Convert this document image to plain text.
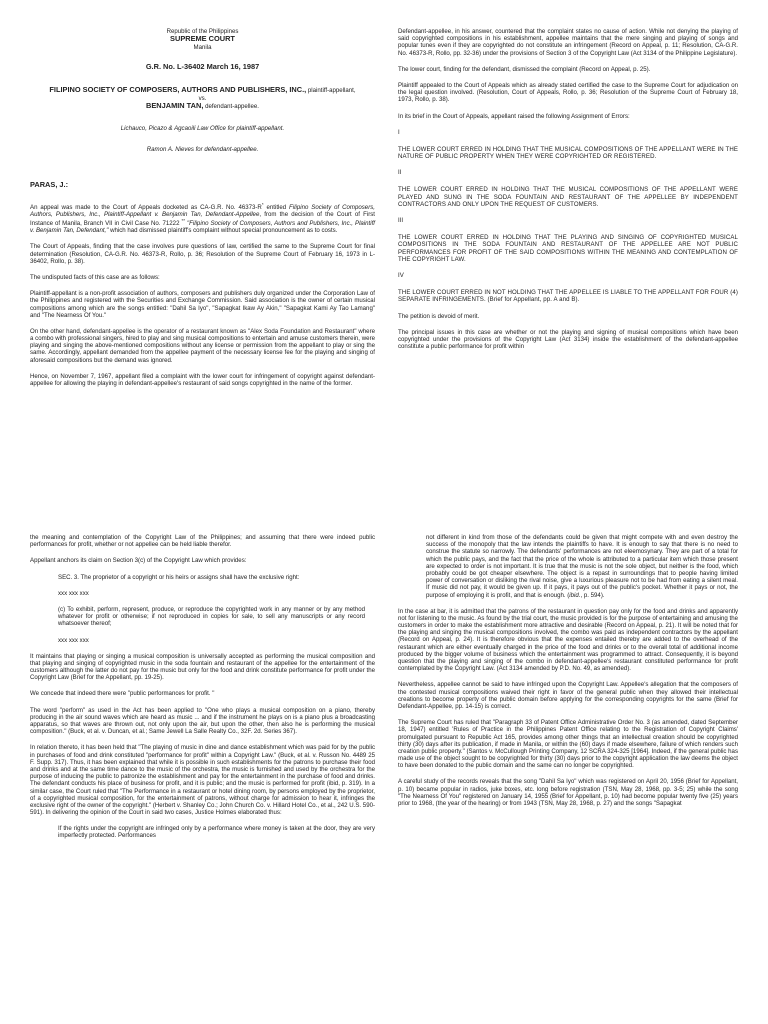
Republic of the Philippines
SUPREME COURT
Manila
G.R. No. L-36402 March 16, 1987
FILIPINO SOCIETY OF COMPOSERS, AUTHORS AND PUBLISHERS, INC., plaintiff-appellant,
vs.
BENJAMIN TAN, defendant-appellee.
Lichauco, Picazo & Agcaoili Law Office for plaintiff-appellant.
Ramon A. Nieves for defendant-appellee.
PARAS, J.:

An appeal was made to the Court of Appeals docketed as CA-G.R. No. 46373-R* entitled Filipino Society of Composers, Authors, Publishers, Inc., Plaintiff-Appellant v. Benjamin Tan, Defendant-Appellee, from the decision of the Court of First Instance of Manila, Branch VII in Civil Case No. 71222 ** "Filipino Society of Composers, Authors and Publishers, Inc., Plaintiff v. Benjamin Tan, Defendant," which had dismissed plaintiff's complaint without special pronouncement as to costs.

The Court of Appeals, finding that the case involves pure questions of law, certified the same to the Supreme Court for final determination (Resolution, CA-G.R. No. 46373-R, Rollo, p. 36; Resolution of the Supreme Court of February 16, 1973 in L-36402, Rollo, p. 38).

The undisputed facts of this case are as follows:

Plaintiff-appellant is a non-profit association of authors, composers and publishers duly organized under the Corporation Law of the Philippines and registered with the Securities and Exchange Commission. Said association is the owner of certain musical compositions among which are the songs entitled: "Dahil Sa Iyo", "Sapagkat Ikaw Ay Akin," "Sapagkat Kami Ay Tao Lamang" and "The Nearness Of You."

On the other hand, defendant-appellee is the operator of a restaurant known as "Alex Soda Foundation and Restaurant" where a combo with professional singers, hired to play and sing musical compositions to entertain and amuse customers therein, were playing and singing the above-mentioned compositions without any license or permission from the appellant to play or sing the same. Accordingly, appellant demanded from the appellee payment of the necessary license fee for the playing and singing of aforesaid compositions but the demand was ignored.

Hence, on November 7, 1967, appellant filed a complaint with the lower court for infringement of copyright against defendant-appellee for allowing the playing in defendant-appellee's restaurant of said songs copyrighted in the name of the former.

Defendant-appellee, in his answer, countered that the complaint states no cause of action. While not denying the playing of said copyrighted compositions in his establishment, appellee maintains that the mere singing and playing of songs and popular tunes even if they are copyrighted do not constitute an infringement (Record on Appeal, p. 11; Resolution, CA-G.R. No. 46373-R, Rollo, pp. 32-36) under the provisions of Section 3 of the Copyright Law (Act 3134 of the Philippine Legislature).

The lower court, finding for the defendant, dismissed the complaint (Record on Appeal, p. 25).

Plaintiff appealed to the Court of Appeals which as already stated certified the case to the Supreme Court for adjudication on the legal question involved. (Resolution, Court of Appeals, Rollo, p. 36; Resolution of the Supreme Court of February 18, 1973, Rollo, p. 38).

In its brief in the Court of Appeals, appellant raised the following Assignment of Errors:

I

THE LOWER COURT ERRED IN HOLDING THAT THE MUSICAL COMPOSITIONS OF THE APPELLANT WERE IN THE NATURE OF PUBLIC PROPERTY WHEN THEY WERE COPYRIGHTED OR REGISTERED.

II

THE LOWER COURT ERRED IN HOLDING THAT THE MUSICAL COMPOSITIONS OF THE APPELLANT WERE PLAYED AND SUNG IN THE SODA FOUNTAIN AND RESTAURANT OF THE APPELLEE BY INDEPENDENT CONTRACTORS AND ONLY UPON THE REQUEST OF CUSTOMERS.

III

THE LOWER COURT ERRED IN HOLDING THAT THE PLAYING AND SINGING OF COPYRIGHTED MUSICAL COMPOSITIONS IN THE SODA FOUNTAIN AND RESTAURANT OF THE APPELLEE ARE NOT PUBLIC PERFORMANCES FOR PROFIT OF THE SAID COMPOSITIONS WITHIN THE MEANING AND CONTEMPLATION OF THE COPYRIGHT LAW.

IV

THE LOWER COURT ERRED IN NOT HOLDING THAT THE APPELLEE IS LIABLE TO THE APPELLANT FOR FOUR (4) SEPARATE INFRINGEMENTS. (Brief for Appellant, pp. A and B).

The petition is devoid of merit.

The principal issues in this case are whether or not the playing and signing of musical compositions which have been copyrighted under the provisions of the Copyright Law (Act 3134) inside the establishment of the defendant-appellee constitute a public performance for profit within

the meaning and contemplation of the Copyright Law of the Philippines; and assuming that there were indeed public performances for profit, whether or not appellee can be held liable therefor.

Appellant anchors its claim on Section 3(c) of the Copyright Law which provides:

SEC. 3. The proprietor of a copyright or his heirs or assigns shall have the exclusive right:

xxx xxx xxx

(c) To exhibit, perform, represent, produce, or reproduce the copyrighted work in any manner or by any method whatever for profit or otherwise; if not reproduced in copies for sale, to sell any manuscripts or any record whatsoever thereof;

xxx xxx xxx

It maintains that playing or singing a musical composition is universally accepted as performing the musical composition and that playing and singing of copyrighted music in the soda fountain and restaurant of the appellee for the entertainment of the customers although the latter do not pay for the music but only for the food and drink constitute performance for profit under the Copyright Law (Brief for the Appellant, pp. 19-25).

We concede that indeed there were "public performances for profit. "

The word "perform" as used in the Act has been applied to "One who plays a musical composition on a piano, thereby producing in the air sound waves which are heard as music ... and if the instrument he plays on is a piano plus a broadcasting apparatus, so that waves are thrown out, not only upon the air, but upon the other, then also he is performing the musical composition." (Buck, et al. v. Duncan, et al.; Same Jewell La Salle Realty Co., 32F. 2d. Series 367).

In relation thereto, it has been held that "The playing of music in dine and dance establishment which was paid for by the public in purchases of food and drink constituted "performance for profit" within a Copyright Law." (Buck, et al. v. Russon No. 4489 25 F. Supp. 317). Thus, it has been explained that while it is possible in such establishments for the patrons to purchase their food and drinks and at the same time dance to the music of the orchestra, the music is furnished and used by the orchestra for the purpose of inducing the public to patronize the establishment and pay for the entertainment in the purchase of food and drinks. The defendant conducts his place of business for profit, and it is public; and the music is performed for profit (ibid, p. 319). In a similar case, the Court ruled that "The Performance in a restaurant or hotel dining room, by persons employed by the proprietor, of a copyrighted musical composition, for the entertainment of patrons, without charge for admission to hear it, infringes the exclusive right of the owner of the copyright." (Herbert v. Shanley Co.; John Church Co. v. Hillard Hotel Co., et al., 242 U.S. 590-591). In delivering the opinion of the Court in said two cases, Justice Holmes elaborated thus:

If the rights under the copyright are infringed only by a performance where money is taken at the door, they are very imperfectly protected. Performances

not different in kind from those of the defendants could be given that might compete with and even destroy the success of the monopoly that the law intends the plaintiffs to have. It is enough to say that there is no need to construe the statute so narrowly. The defendants' performances are not eleemosynary. They are part of a total for which the public pays, and the fact that the price of the whole is attributed to a particular item which those present are expected to order is not important. It is true that the music is not the sole object, but neither is the food, which probably could be got cheaper elsewhere. The object is a repast in surroundings that to people having limited power of conversation or disliking the rival noise, give a luxurious pleasure not to be had from eating a silent meal. If music did not pay, it would be given up. If it pays, it pays out of the public's pocket. Whether it pays or not, the purpose of employing it is profit, and that is enough. (ibid., p. 594).

In the case at bar, it is admitted that the patrons of the restaurant in question pay only for the food and drinks and apparently not for listening to the music. As found by the trial court, the music provided is for the purpose of entertaining and amusing the customers in order to make the establishment more attractive and desirable (Record on Appeal, p. 21). It will be noted that for the playing and singing the musical compositions involved, the combo was paid as independent contractors by the appellant (Record on Appeal, p. 24). It is therefore obvious that the expenses entailed thereby are added to the overhead of the restaurant which are either eventually charged in the price of the food and drinks or to the overall total of additional income produced by the bigger volume of business which the entertainment was programmed to attract. Consequently, it is beyond question that the playing and singing of the combo in defendant-appellee's restaurant constituted performance for profit contemplated by the Copyright Law. (Act 3134 amended by P.D. No. 49, as amended).

Nevertheless, appellee cannot be said to have infringed upon the Copyright Law. Appellee's allegation that the composers of the contested musical compositions waived their right in favor of the general public when they allowed their intellectual creations to become property of the public domain before applying for the corresponding copyrights for the same (Brief for Defendant-Appellee, pp. 14-15) is correct.

The Supreme Court has ruled that "Paragraph 33 of Patent Office Administrative Order No. 3 (as amended, dated September 18, 1947) entitled 'Rules of Practice in the Philippines Patent Office relating to the Registration of Copyright Claims' promulgated pursuant to Republic Act 165, provides among other things that an intellectual creation should be copyrighted thirty (30) days after its publication, if made in Manila, or within the (60) days if made elsewhere, failure of which renders such creation public property." (Santos v. McCullough Printing Company, 12 SCRA 324-325 [1964]. Indeed, if the general public has made use of the object sought to be copyrighted for thirty (30) days prior to the copyright application the law deems the object to have been donated to the public domain and the same can no longer be copyrighted.

A careful study of the records reveals that the song "Dahil Sa Iyo" which was registered on April 20, 1956 (Brief for Appellant, p. 10) became popular in radios, juke boxes, etc. long before registration (TSN, May 28, 1968, pp. 3-5; 25) while the song "The Nearness Of You" registered on January 14, 1955 (Brief for Appellant, p. 10) had become popular twenty five (25) years prior to 1968, (the year of the hearing) or from 1943 (TSN, May 28, 1968, p. 27) and the songs "Sapagkat
